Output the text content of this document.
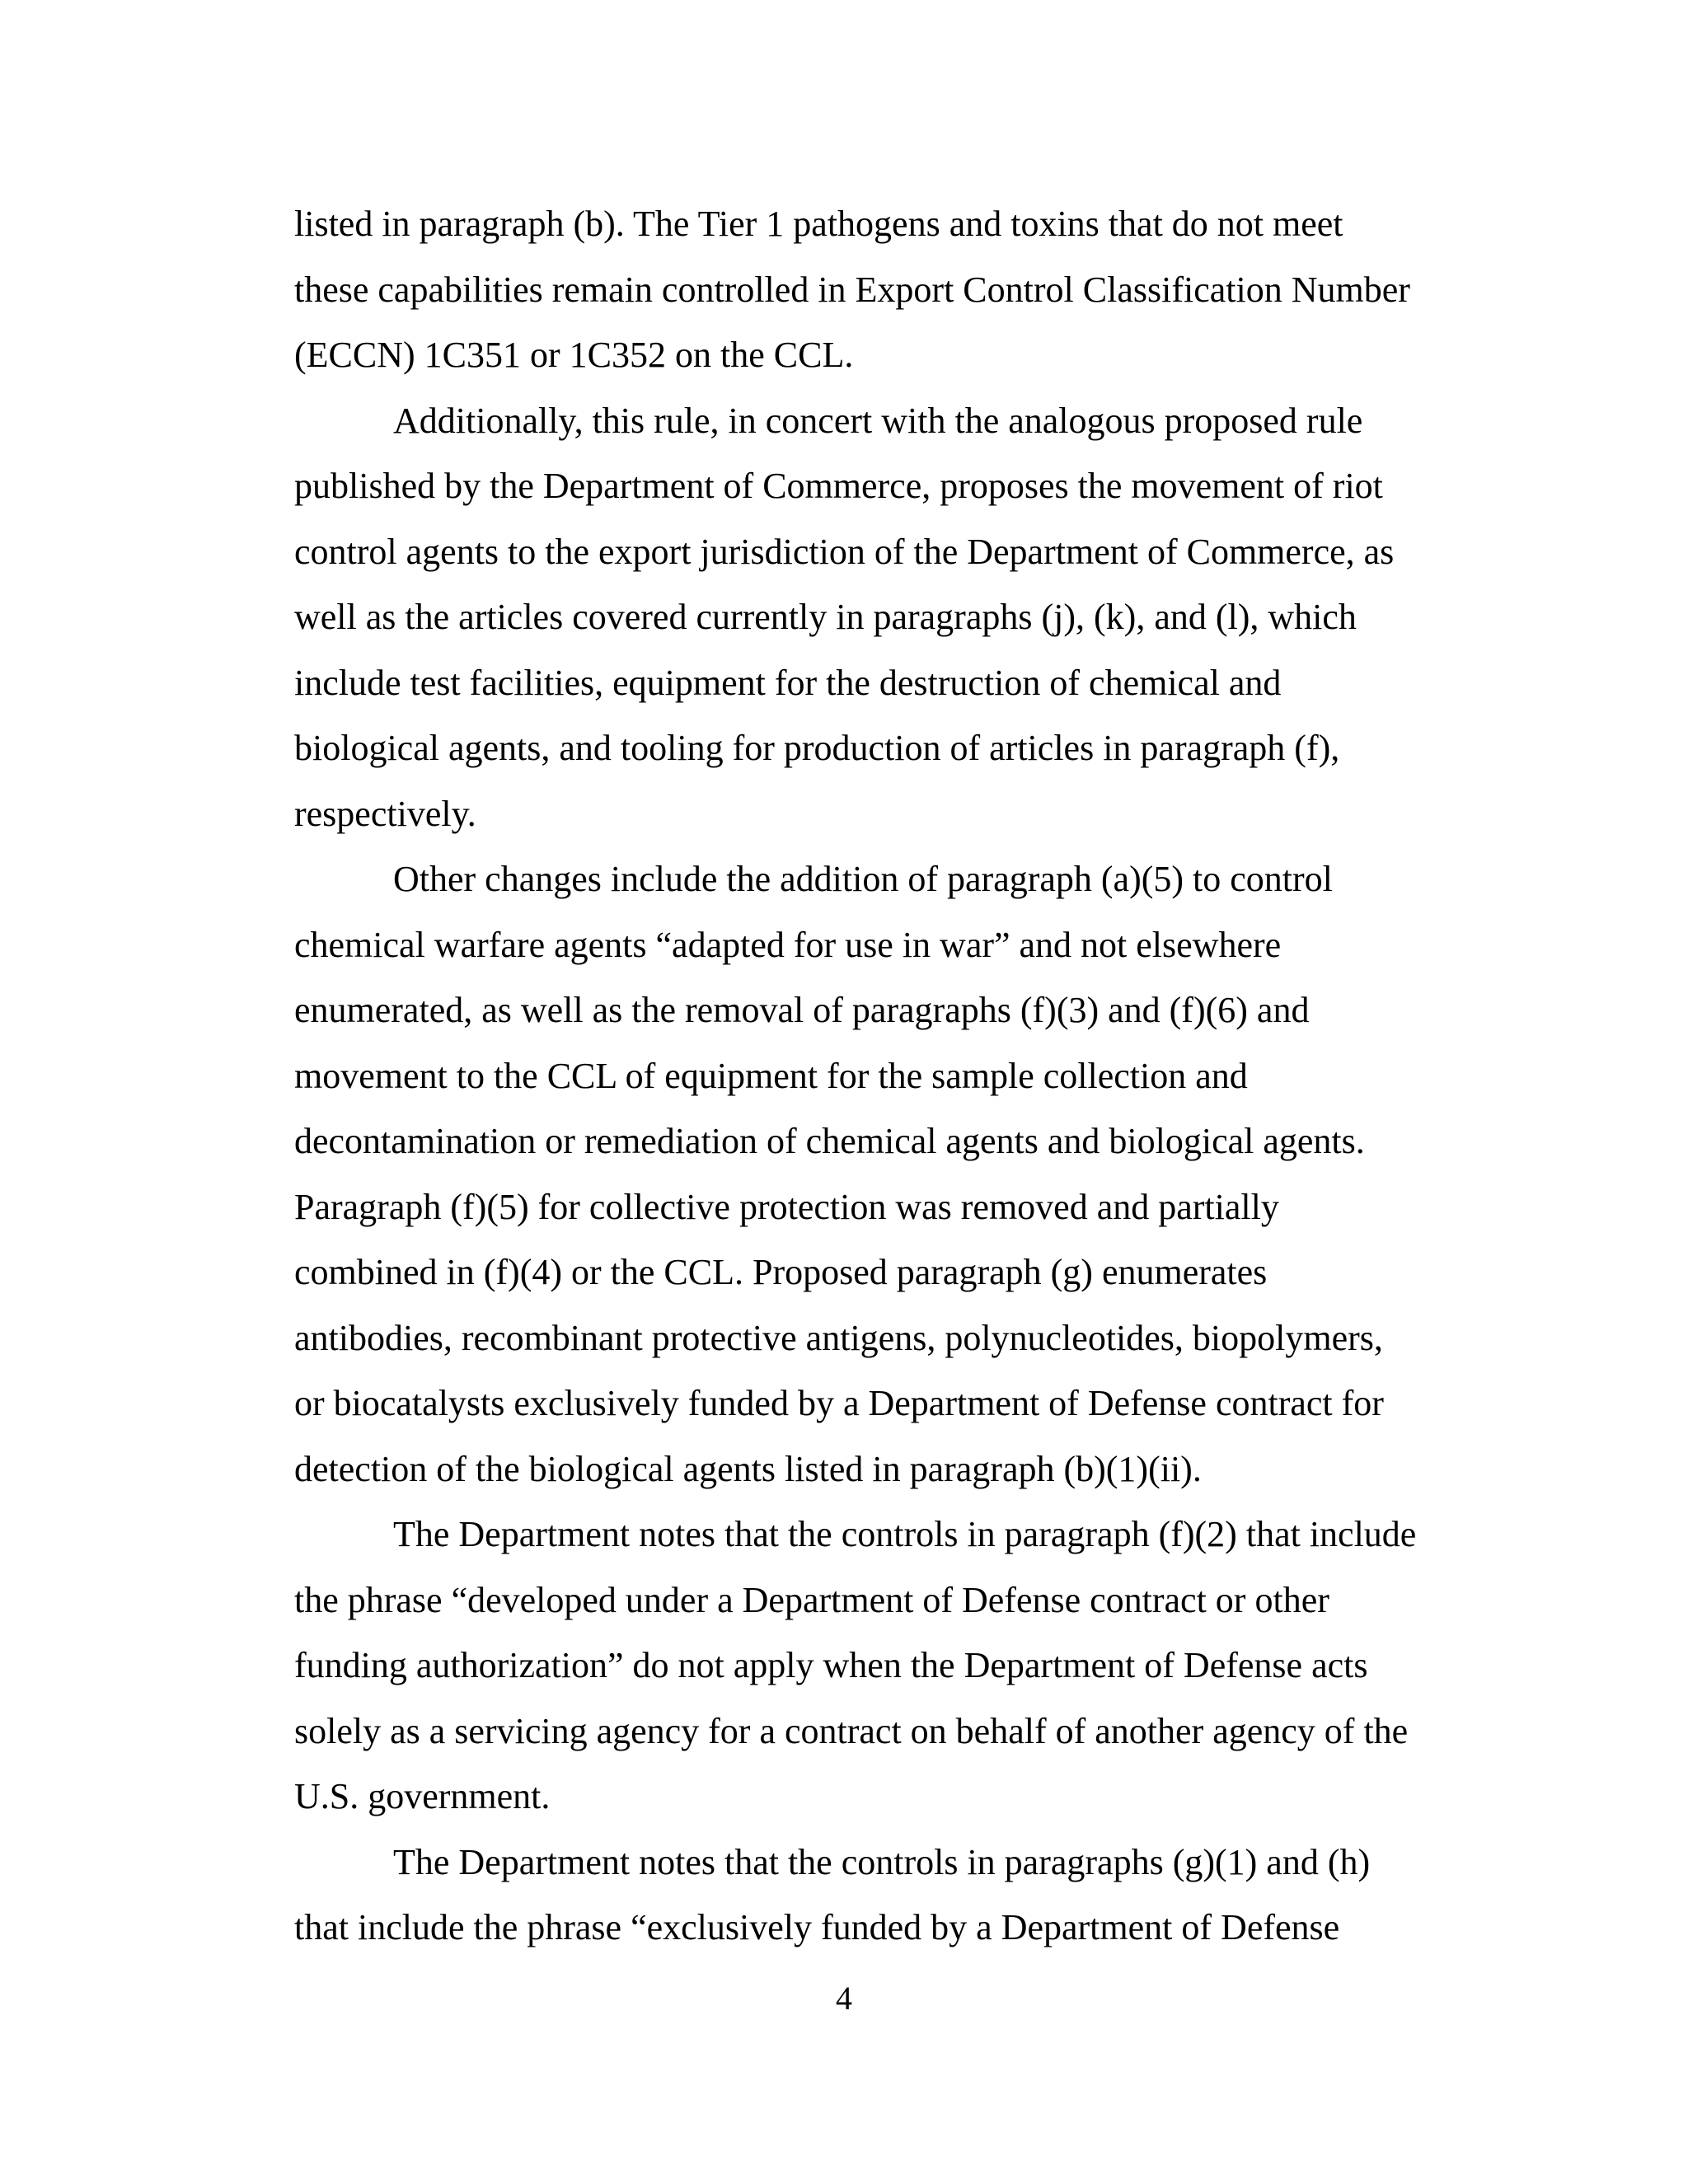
listed in paragraph (b). The Tier 1 pathogens and toxins that do not meet
these capabilities remain controlled in Export Control Classification Number
(ECCN) 1C351 or 1C352 on the CCL.

Additionally, this rule, in concert with the analogous proposed rule
published by the Department of Commerce, proposes the movement of riot
control agents to the export jurisdiction of the Department of Commerce, as
well as the articles covered currently in paragraphs (j), (k), and (l), which
include test facilities, equipment for the destruction of chemical and
biological agents, and tooling for production of articles in paragraph (f),
respectively.

Other changes include the addition of paragraph (a)(5) to control
chemical warfare agents “adapted for use in war” and not elsewhere
enumerated, as well as the removal of paragraphs (f)(3) and (f)(6) and
movement to the CCL of equipment for the sample collection and
decontamination or remediation of chemical agents and biological agents.
Paragraph (f)(5) for collective protection was removed and partially
combined in (f)(4) or the CCL. Proposed paragraph (g) enumerates
antibodies, recombinant protective antigens, polynucleotides, biopolymers,
or biocatalysts exclusively funded by a Department of Defense contract for
detection of the biological agents listed in paragraph (b)(1)(ii).

The Department notes that the controls in paragraph (f)(2) that include
the phrase “developed under a Department of Defense contract or other
funding authorization” do not apply when the Department of Defense acts
solely as a servicing agency for a contract on behalf of another agency of the
U.S. government.

The Department notes that the controls in paragraphs (g)(1) and (h)
that include the phrase “exclusively funded by a Department of Defense

4
